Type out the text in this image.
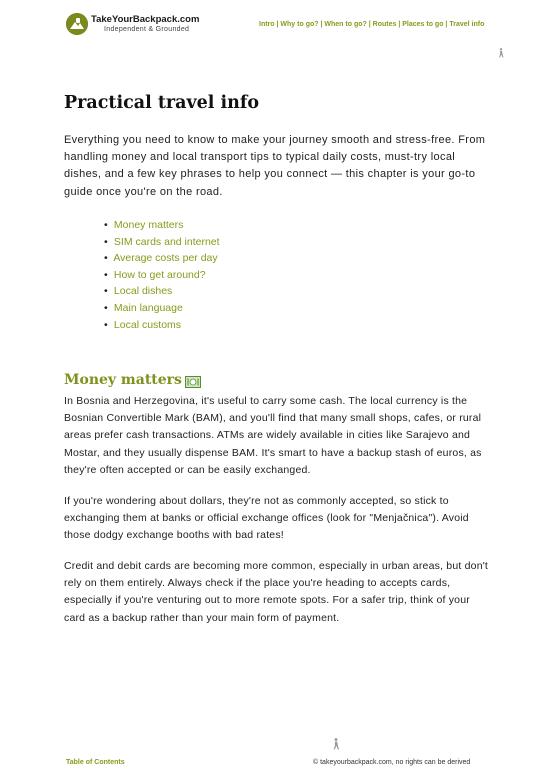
TakeYourBackpack.com
Independent & Grounded
Intro | Why to go? | When to go? | Routes | Places to go | Travel info
Practical travel info

Everything you need to know to make your journey smooth and stress-free. From handling money and local transport tips to typical daily costs, must-try local dishes, and a few key phrases to help you connect — this chapter is your go-to guide once you're on the road.

• Money matters
• SIM cards and internet
• Average costs per day
• How to get around?
• Local dishes
• Main language
• Local customs
Money matters

In Bosnia and Herzegovina, it's useful to carry some cash. The local currency is the Bosnian Convertible Mark (BAM), and you'll find that many small shops, cafes, or rural areas prefer cash transactions. ATMs are widely available in cities like Sarajevo and Mostar, and they usually dispense BAM. It's smart to have a backup stash of euros, as they're often accepted or can be easily exchanged.

If you're wondering about dollars, they're not as commonly accepted, so stick to exchanging them at banks or official exchange offices (look for "Menjačnica"). Avoid those dodgy exchange booths with bad rates!

Credit and debit cards are becoming more common, especially in urban areas, but don't rely on them entirely. Always check if the place you're heading to accepts cards, especially if you're venturing out to more remote spots. For a safer trip, think of your card as a backup rather than your main form of payment.

Table of Contents	© takeyourbackpack.com, no rights can be derived
